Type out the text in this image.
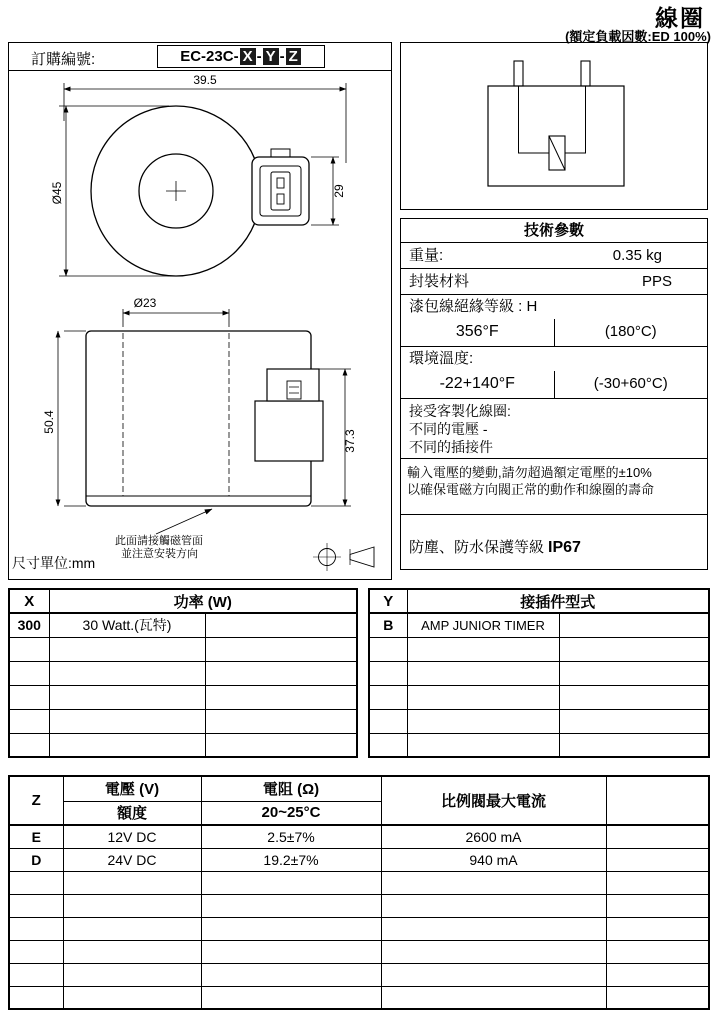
線圈
(額定負載因數:ED 100%)
訂購編號:	EC-23C- X - Y - Z
39.5
Ø45	29
Ø23
50.4
37.3
此面請接觸磁管面
並注意安裝方向
尺寸單位:mm
技術參數
重量:	0.35 kg
封裝材料	PPS
漆包線絕緣等級 : H
356°F	(180°C)
環境溫度:
-22+140°F	(-30+60°C)
接受客製化線圈:
不同的電壓 -
不同的插接件
輸入電壓的變動,請勿超過額定電壓的±10%
以確保電磁方向閥正常的動作和線圈的壽命
防塵、防水保護等級 IP67
X	功率 (W)	
300	30 Watt.(瓦特)	

Y	接插件型式	
B	AMP JUNIOR TIMER	

Z	電壓 (V)	電阻 (Ω)	比例閥最大電流	
	額度	20~25°C		
E	12V DC	2.5±7%	2600 mA	
D	24V DC	19.2±7%	940 mA	
